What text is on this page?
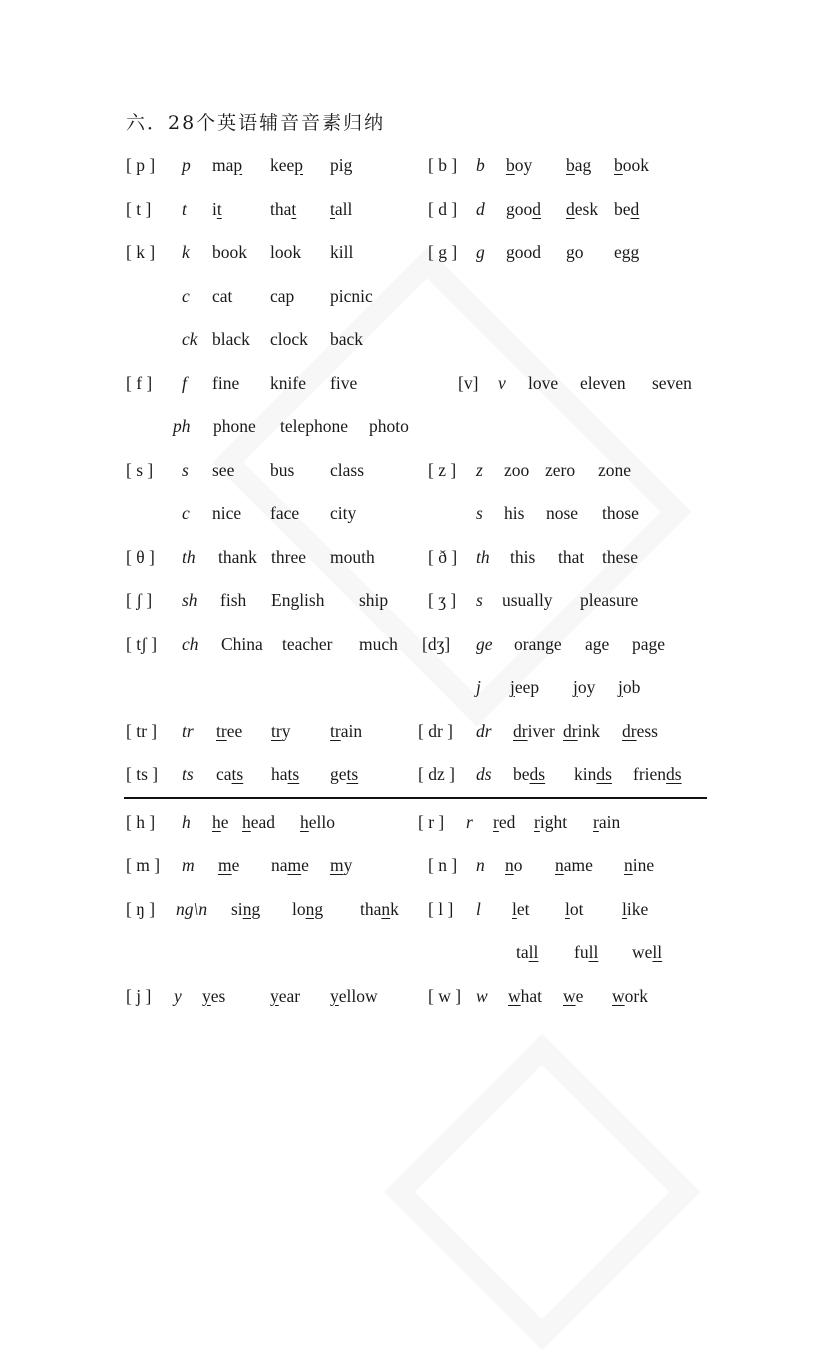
六．28个英语辅音音素归纳
[ p ] p map keep pig	[ b ] b boy bag book
[ t ] t it	that tall	[ d ] d good desk bed
[ k ] k book look kill	[ g ] g good go egg
c cat cap picnic
ck black clock back
[ f ] f fine knife five	[v] v love eleven seven
ph phone telephone photo
[ s ] s see bus class	[ z ] z zoo zero zone
c nice face city	s his nose those
[ θ ] th thank three mouth	[ ð ] th this that these
[ ʃ ] sh fish English ship [ ʒ ] s usually pleasure
[ tʃ ] ch China teacher much [dʒ] ge orange age page
j jeep joy job
[ tr ] tr tree try train	[ dr ] dr driver drink dress
[ ts ] ts cats hats gets	[ dz ] ds beds kinds friends
[ h ] h he head hello	[ r ] r red right rain
[ m ] m me name my	[ n ] n no name nine
[ ŋ ] ng\n sing long thank [ l ] l let lot like
tall full well
[ j ] y yes	year yellow	[ w ] w what we work
